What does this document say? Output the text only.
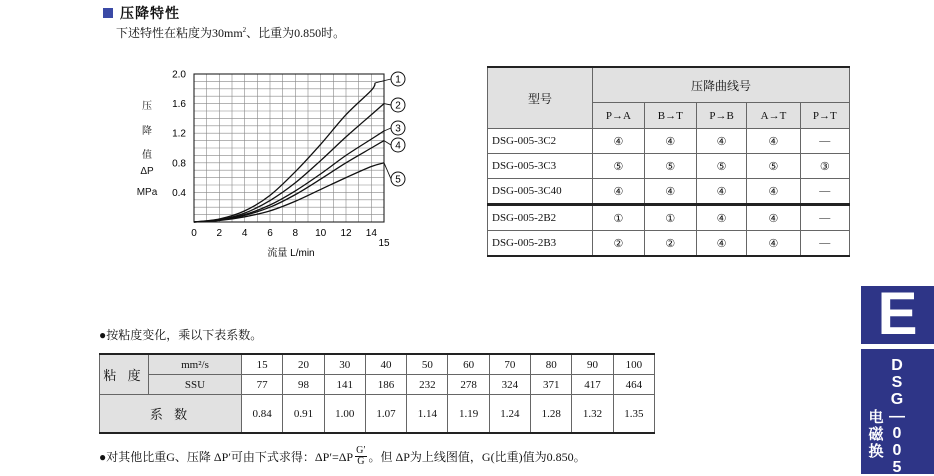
压降特性
下述特性在粘度为$30mm^2$、比重为0.850时。
压
降
值
ΔP
MPa
0 2 4 6 8 10 12 14
15
0.4
0.8
1.2
1.6
2.0
流量 L/min
1
2
3
4
5
型号	压降曲线号				
	P→A	B→T	P→B	A→T	P→T
DSG-005-3C2	④	④	④	④	—
DSG-005-3C3	⑤	⑤	⑤	⑤	③
DSG-005-3C40	④	④	④	④	—
DSG-005-2B2	①	①	④	④	—
DSG-005-2B3	②	②	④	④	—
●按粘度变化，乘以下表系数。
粘 度	mm²/s	15	20	30	40	50	60	70	80	90	100
	SSU	77	98	141	186	232	278	324	371	417	464
系 数		0.84	0.91	1.00	1.07	1.14	1.19	1.24	1.28	1.32	1.35
●对其他比重G、压降 ΔP′可由下式求得：$\Delta P'=\Delta P \frac{G'}{G}$ 。但 ΔP为上线图值，G(比重)值为0.850。
E
电
磁
换
D
S
G
—
0
0
5
